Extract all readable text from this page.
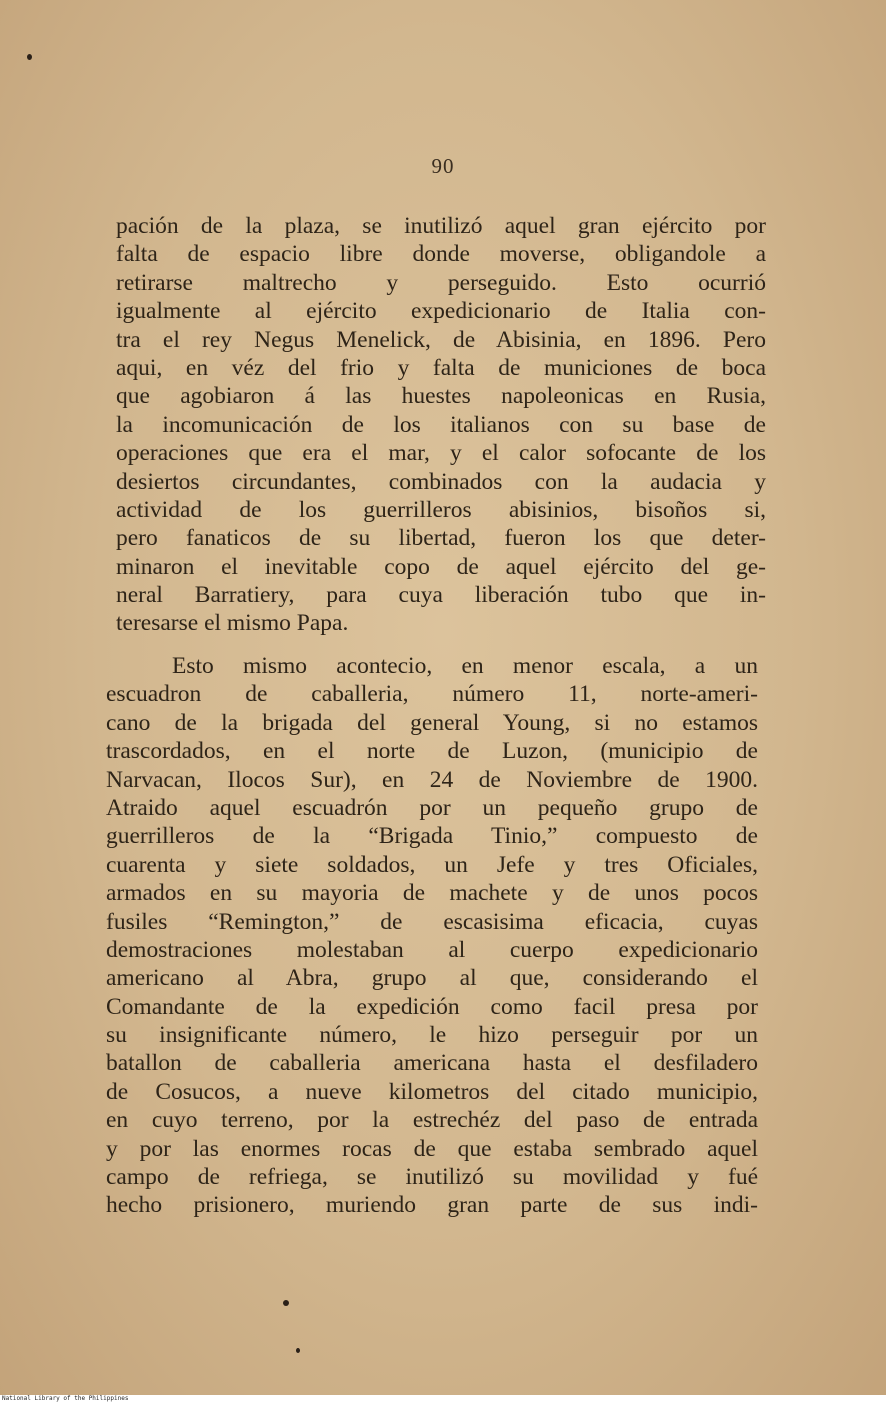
90
pación de la plaza, se inutilizó aquel gran ejército por
falta de espacio libre donde moverse, obligandole a
retirarse maltrecho y perseguido. Esto ocurrió
igualmente al ejército expedicionario de Italia con-
tra el rey Negus Menelick, de Abisinia, en 1896. Pero
aqui, en véz del frio y falta de municiones de boca
que agobiaron á las huestes napoleonicas en Rusia,
la incomunicación de los italianos con su base de
operaciones que era el mar, y el calor sofocante de los
desiertos circundantes, combinados con la audacia y
actividad de los guerrilleros abisinios, bisoños si,
pero fanaticos de su libertad, fueron los que deter-
minaron el inevitable copo de aquel ejército del ge-
neral Barratiery, para cuya liberación tubo que in-
teresarse el mismo Papa.
Esto mismo acontecio, en menor escala, a un
escuadron de caballeria, número 11, norte-ameri-
cano de la brigada del general Young, si no estamos
trascordados, en el norte de Luzon, (municipio de
Narvacan, Ilocos Sur), en 24 de Noviembre de 1900.
Atraido aquel escuadrón por un pequeño grupo de
guerrilleros de la “Brigada Tinio,” compuesto de
cuarenta y siete soldados, un Jefe y tres Oficiales,
armados en su mayoria de machete y de unos pocos
fusiles “Remington,” de escasisima eficacia, cuyas
demostraciones molestaban al cuerpo expedicionario
americano al Abra, grupo al que, considerando el
Comandante de la expedición como facil presa por
su insignificante número, le hizo perseguir por un
batallon de caballeria americana hasta el desfiladero
de Cosucos, a nueve kilometros del citado municipio,
en cuyo terreno, por la estrechéz del paso de entrada
y por las enormes rocas de que estaba sembrado aquel
campo de refriega, se inutilizó su movilidad y fué
hecho prisionero, muriendo gran parte de sus indi-
National Library of the Philippines
